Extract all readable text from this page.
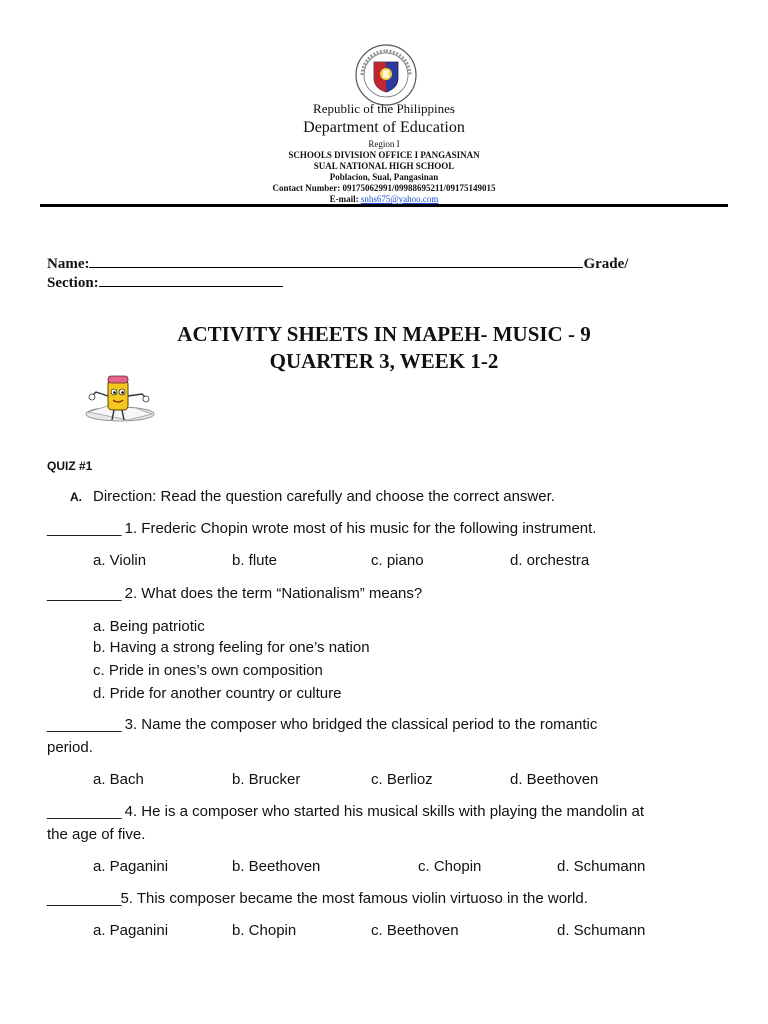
Republic of the Philippines
Department of Education
Region I
SCHOOLS DIVISION OFFICE I PANGASINAN
SUAL NATIONAL HIGH SCHOOL
Poblacion, Sual, Pangasinan
Contact Number: 09175062991/09988695211/09175149015
E-mail: snhs675@yahoo.com
Name:	Grade/
Section:
ACTIVITY SHEETS IN MAPEH- MUSIC - 9
QUARTER 3, WEEK 1-2
QUIZ #1
A. Direction: Read the question carefully and choose the correct answer.
__________ 1. Frederic Chopin wrote most of his music for the following instrument.
a. Violin	b. flute	c. piano	d. orchestra
__________ 2. What does the term “Nationalism” means?
a. Being patriotic
b. Having a strong feeling for one’s nation
c. Pride in ones’s own composition
d. Pride for another country or culture
__________ 3. Name the composer who bridged the classical period to the romantic
period.
a. Bach	b. Brucker	c. Berlioz	d. Beethoven
__________ 4. He is a composer who started his musical skills with playing the mandolin at
the age of five.
a. Paganini	b. Beethoven	c. Chopin	d. Schumann
__________5. This composer became the most famous violin virtuoso in the world.
a. Paganini	b. Chopin	c. Beethoven	d. Schumann
